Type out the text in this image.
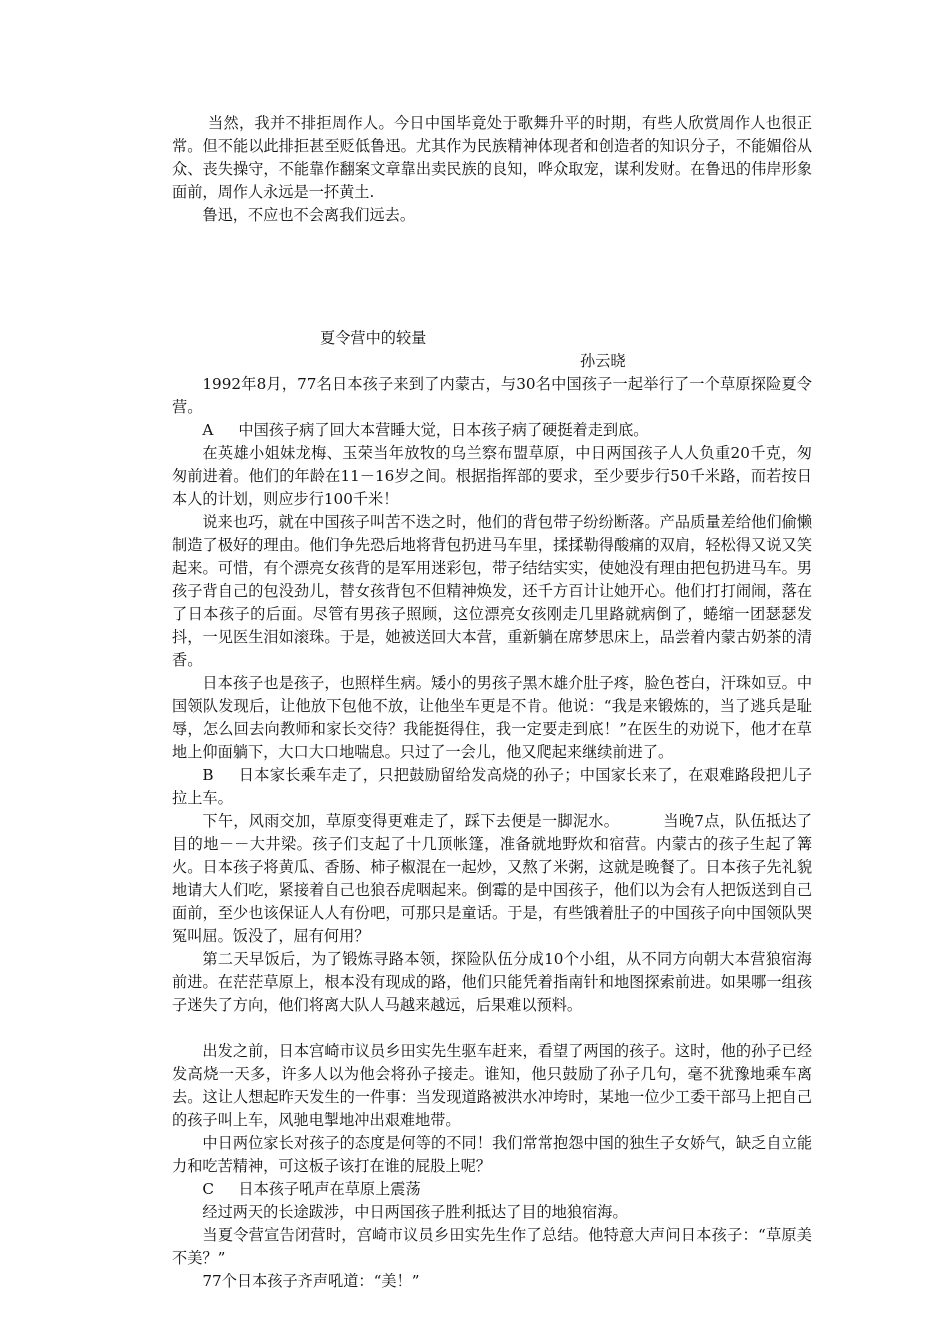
当然，我并不排拒周作人。今日中国毕竟处于歌舞升平的时期，有些人欣赏周作人也很正常。但不能以此排拒甚至贬低鲁迅。尤其作为民族精神体现者和创造者的知识分子，不能媚俗从众、丧失操守，不能靠作翻案文章靠出卖民族的良知，哗众取宠，谋利发财。在鲁迅的伟岸形象面前，周作人永远是一抔黄土.

鲁迅，不应也不会离我们远去。

夏令营中的较量

孙云晓

1992年8月，77名日本孩子来到了内蒙古，与30名中国孩子一起举行了一个草原探险夏令营。

A 中国孩子病了回大本营睡大觉，日本孩子病了硬挺着走到底。

在英雄小姐妹龙梅、玉荣当年放牧的乌兰察布盟草原，中日两国孩子人人负重20千克，匆匆前进着。他们的年龄在11－16岁之间。根据指挥部的要求，至少要步行50千米路，而若按日本人的计划，则应步行100千米！

说来也巧，就在中国孩子叫苦不迭之时，他们的背包带子纷纷断落。产品质量差给他们偷懒制造了极好的理由。他们争先恐后地将背包扔进马车里，揉揉勒得酸痛的双肩，轻松得又说又笑起来。可惜，有个漂亮女孩背的是军用迷彩包，带子结结实实，使她没有理由把包扔进马车。男孩子背自己的包没劲儿，替女孩背包不但精神焕发，还千方百计让她开心。他们打打闹闹，落在了日本孩子的后面。尽管有男孩子照顾，这位漂亮女孩刚走几里路就病倒了，蜷缩一团瑟瑟发抖，一见医生泪如滚珠。于是，她被送回大本营，重新躺在席梦思床上，品尝着内蒙古奶茶的清香。

日本孩子也是孩子，也照样生病。矮小的男孩子黑木雄介肚子疼，脸色苍白，汗珠如豆。中国领队发现后，让他放下包他不放，让他坐车更是不肯。他说：“我是来锻炼的，当了逃兵是耻辱，怎么回去向教师和家长交待？我能挺得住，我一定要走到底！”在医生的劝说下，他才在草地上仰面躺下，大口大口地喘息。只过了一会儿，他又爬起来继续前进了。

B 日本家长乘车走了，只把鼓励留给发高烧的孙子；中国家长来了，在艰难路段把儿子拉上车。

下午，风雨交加，草原变得更难走了，踩下去便是一脚泥水。	当晚7点，队伍抵达了目的地－－大井梁。孩子们支起了十几顶帐篷，准备就地野炊和宿营。内蒙古的孩子生起了篝火。日本孩子将黄瓜、香肠、柿子椒混在一起炒，又熬了米粥，这就是晚餐了。日本孩子先礼貌地请大人们吃，紧接着自己也狼吞虎咽起来。倒霉的是中国孩子，他们以为会有人把饭送到自己面前，至少也该保证人人有份吧，可那只是童话。于是，有些饿着肚子的中国孩子向中国领队哭冤叫屈。饭没了，屈有何用？

第二天早饭后，为了锻炼寻路本领，探险队伍分成10个小组，从不同方向朝大本营狼宿海前进。在茫茫草原上，根本没有现成的路，他们只能凭着指南针和地图探索前进。如果哪一组孩子迷失了方向，他们将离大队人马越来越远，后果难以预料。

出发之前，日本宫崎市议员乡田实先生驱车赶来，看望了两国的孩子。这时，他的孙子已经发高烧一天多，许多人以为他会将孙子接走。谁知，他只鼓励了孙子几句，毫不犹豫地乘车离去。这让人想起昨天发生的一件事：当发现道路被洪水冲垮时，某地一位少工委干部马上把自己的孩子叫上车，风驰电掣地冲出艰难地带。

中日两位家长对孩子的态度是何等的不同！我们常常抱怨中国的独生子女娇气，缺乏自立能力和吃苦精神，可这板子该打在谁的屁股上呢？

C 日本孩子吼声在草原上震荡

经过两天的长途跋涉，中日两国孩子胜利抵达了目的地狼宿海。

当夏令营宣告闭营时，宫崎市议员乡田实先生作了总结。他特意大声问日本孩子：“草原美不美？”

77个日本孩子齐声吼道：“美！”
